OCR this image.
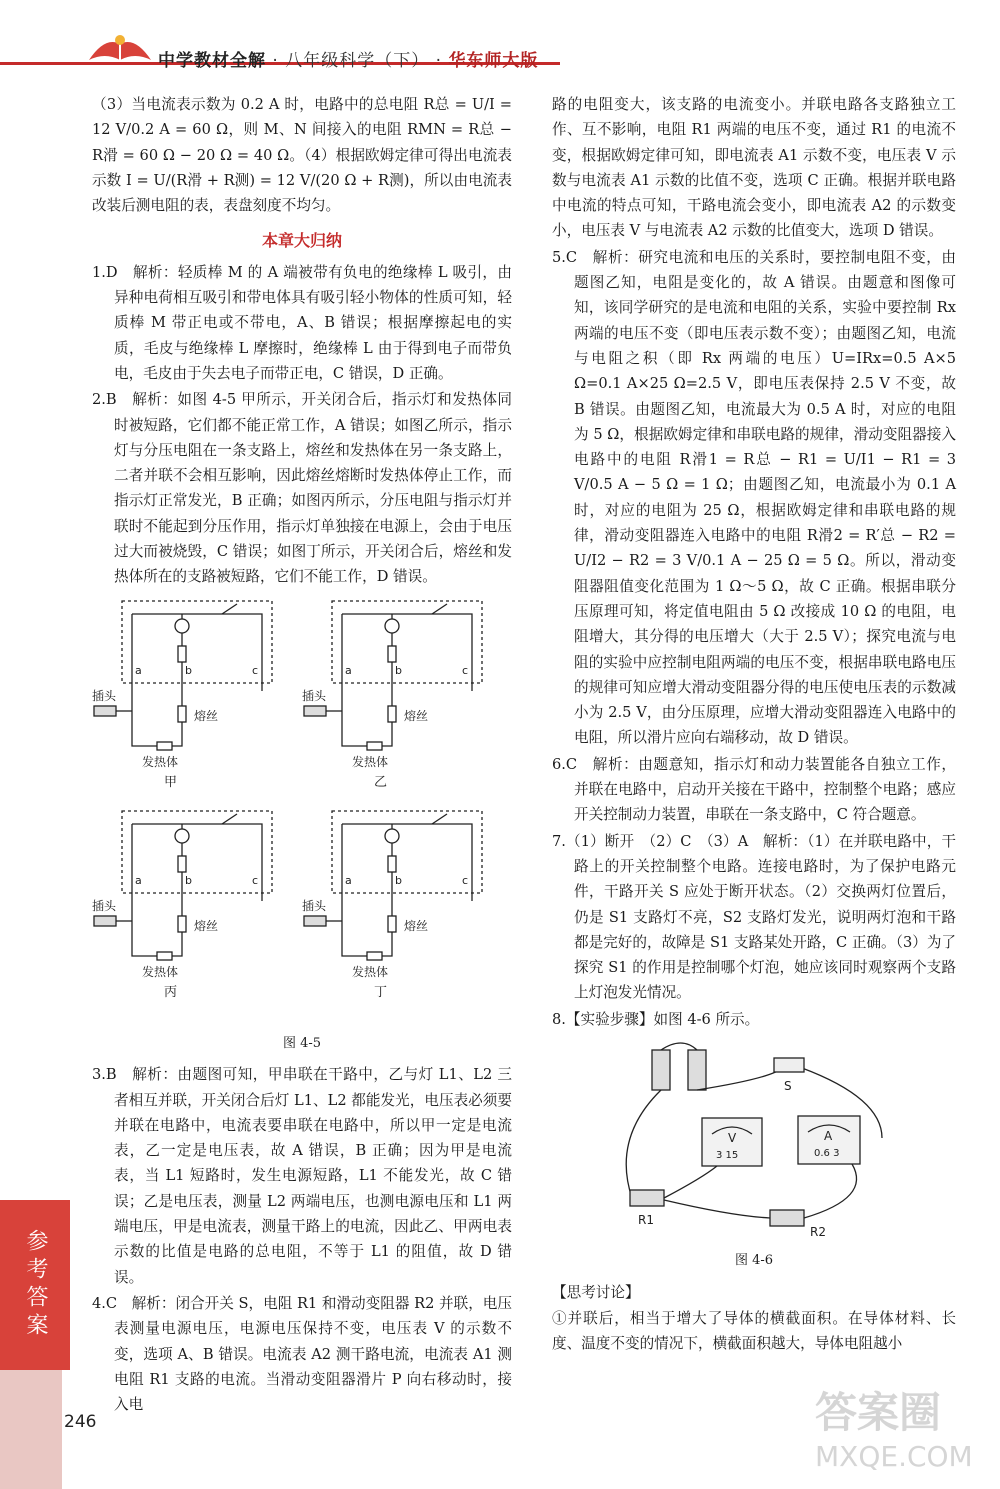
中学教材全解 · 八年级科学（下） · 华东师大版

（3）当电流表示数为 0.2 A 时，电路中的总电阻 R总 = U/I = 12 V/0.2 A = 60 Ω，则 M、N 间接入的电阻 RMN = R总 − R滑 = 60 Ω − 20 Ω = 40 Ω。（4）根据欧姆定律可得出电流表示数 I = U/(R滑 + R测) = 12 V/(20 Ω + R测)，所以由电流表改装后测电阻的表，表盘刻度不均匀。

本章大归纳

1.D　解析：轻质棒 M 的 A 端被带有负电的绝缘棒 L 吸引，由异种电荷相互吸引和带电体具有吸引轻小物体的性质可知，轻质棒 M 带正电或不带电，A、B 错误；根据摩擦起电的实质，毛皮与绝缘棒 L 摩擦时，绝缘棒 L 由于得到电子而带负电，毛皮由于失去电子而带正电，C 错误，D 正确。

2.B　解析：如图 4-5 甲所示，开关闭合后，指示灯和发热体同时被短路，它们都不能正常工作，A 错误；如图乙所示，指示灯与分压电阻在一条支路上，熔丝和发热体在另一条支路上，二者并联不会相互影响，因此熔丝熔断时发热体停止工作，而指示灯正常发光，B 正确；如图丙所示，分压电阻与指示灯并联时不能起到分压作用，指示灯单独接在电源上，会由于电压过大而被烧毁，C 错误；如图丁所示，开关闭合后，熔丝和发热体所在的支路被短路，它们不能工作，D 错误。

a	b	c
插头
熔丝
发热体
甲
a	b	c
插头
熔丝
发热体
乙
a	b	c
插头
熔丝
发热体
丙
a	b	c
插头
熔丝
发热体
丁
图 4-5

3.B　解析：由题图可知，甲串联在干路中，乙与灯 L1、L2 三者相互并联，开关闭合后灯 L1、L2 都能发光，电压表必须要并联在电路中，电流表要串联在电路中，所以甲一定是电流表，乙一定是电压表，故 A 错误，B 正确；因为甲是电流表，当 L1 短路时，发生电源短路，L1 不能发光，故 C 错误；乙是电压表，测量 L2 两端电压，也测电源电压和 L1 两端电压，甲是电流表，测量干路上的电流，因此乙、甲两电表示数的比值是电路的总电阻，不等于 L1 的阻值，故 D 错误。

4.C　解析：闭合开关 S，电阻 R1 和滑动变阻器 R2 并联，电压表测量电源电压，电源电压保持不变，电压表 V 的示数不变，选项 A、B 错误。电流表 A2 测干路电流，电流表 A1 测电阻 R1 支路的电流。当滑动变阻器滑片 P 向右移动时，接入电

路的电阻变大，该支路的电流变小。并联电路各支路独立工作、互不影响，电阻 R1 两端的电压不变，通过 R1 的电流不变，根据欧姆定律可知，即电流表 A1 示数不变，电压表 V 示数与电流表 A1 示数的比值不变，选项 C 正确。根据并联电路中电流的特点可知，干路电流会变小，即电流表 A2 的示数变小，电压表 V 与电流表 A2 示数的比值变大，选项 D 错误。

5.C　解析：研究电流和电压的关系时，要控制电阻不变，由题图乙知，电阻是变化的，故 A 错误。由题意和图像可知，该同学研究的是电流和电阻的关系，实验中要控制 Rx 两端的电压不变（即电压表示数不变）；由题图乙知，电流与电阻之积（即 Rx 两端的电压）U=IRx=0.5 A×5 Ω=0.1 A×25 Ω=2.5 V，即电压表保持 2.5 V 不变，故 B 错误。由题图乙知，电流最大为 0.5 A 时，对应的电阻为 5 Ω，根据欧姆定律和串联电路的规律，滑动变阻器接入电路中的电阻 R滑1 = R总 − R1 = U/I1 − R1 = 3 V/0.5 A − 5 Ω = 1 Ω；由题图乙知，电流最小为 0.1 A 时，对应的电阻为 25 Ω，根据欧姆定律和串联电路的规律，滑动变阻器连入电路中的电阻 R滑2 = R′总 − R2 = U/I2 − R2 = 3 V/0.1 A − 25 Ω = 5 Ω。所以，滑动变阻器阻值变化范围为 1 Ω～5 Ω，故 C 正确。根据串联分压原理可知，将定值电阻由 5 Ω 改接成 10 Ω 的电阻，电阻增大，其分得的电压增大（大于 2.5 V）；探究电流与电阻的实验中应控制电阻两端的电压不变，根据串联电路电压的规律可知应增大滑动变阻器分得的电压使电压表的示数减小为 2.5 V，由分压原理，应增大滑动变阻器连入电路中的电阻，所以滑片应向右端移动，故 D 错误。

6.C　解析：由题意知，指示灯和动力装置能各自独立工作，并联在电路中，启动开关接在干路中，控制整个电路；感应开关控制动力装置，串联在一条支路中，C 符合题意。

7.（1）断开　（2）C　（3）A　解析：（1）在并联电路中，干路上的开关控制整个电路。连接电路时，为了保护电路元件，干路开关 S 应处于断开状态。（2）交换两灯位置后，仍是 S1 支路灯不亮，S2 支路灯发光，说明两灯泡和干路都是完好的，故障是 S1 支路某处开路，C 正确。（3）为了探究 S1 的作用是控制哪个灯泡，她应该同时观察两个支路上灯泡发光情况。

8.【实验步骤】如图 4-6 所示。

S
V	A
3 15	0.6 3
R1
R2
图 4-6

【思考讨论】

①并联后，相当于增大了导体的横截面积。在导体材料、长度、温度不变的情况下，横截面积越大，导体电阻越小

参考答案
246	答案圈
MXQE.COM
